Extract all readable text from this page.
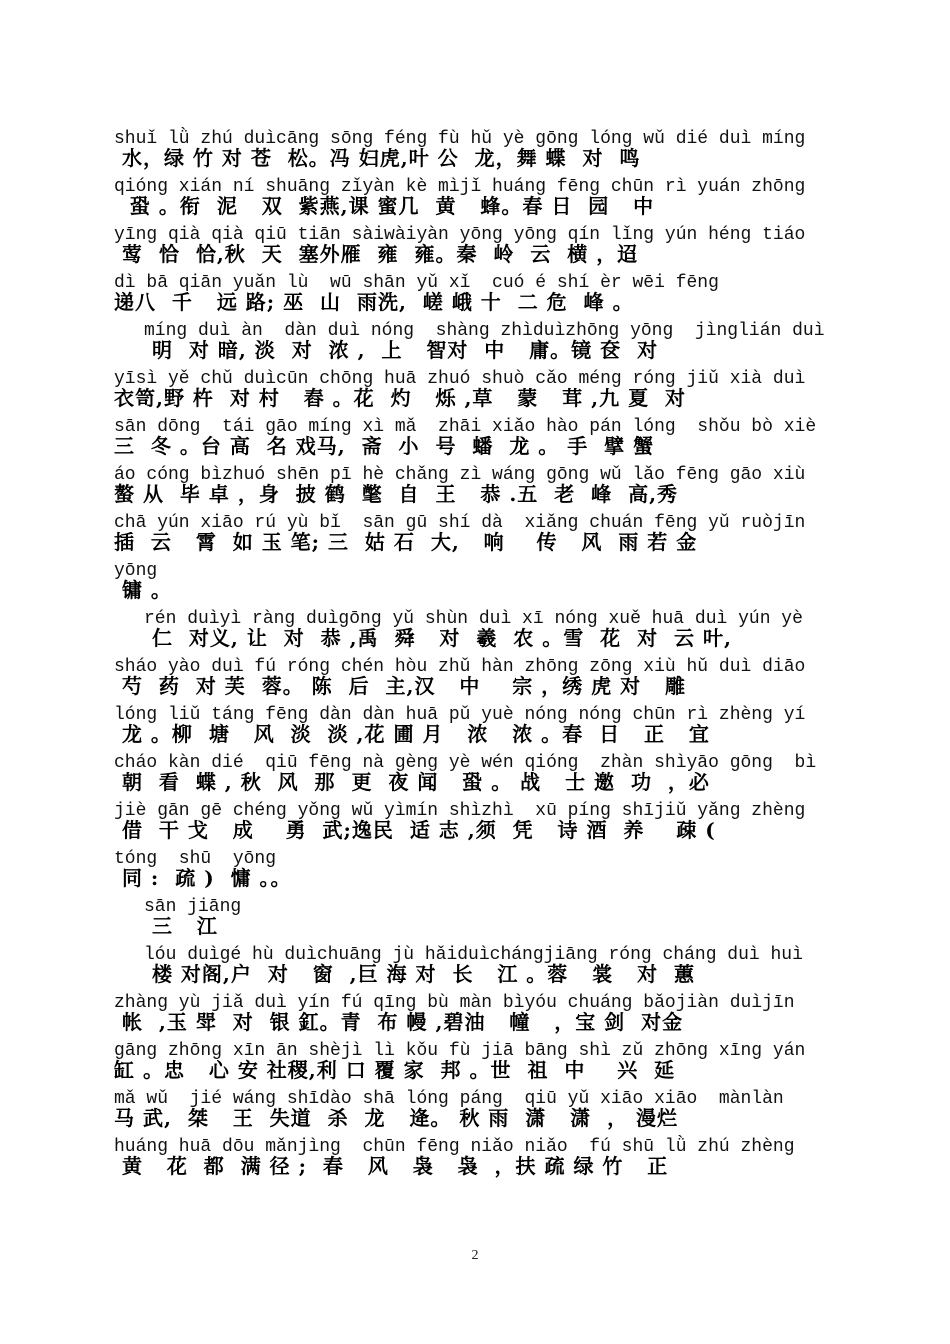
shuǐ lǜ zhú duìcāng sōng féng fù hǔ yè gōng lóng wǔ dié duì míng
水，绿 竹 对 苍  松。冯 妇虎,叶 公  龙，舞 蝶  对  鸣
qióng xián ní shuāng zǐyàn kè mìjǐ huáng fēng chūn rì yuán zhōng
蛩 。衔  泥   双  紫燕,课 蜜几  黄   蜂。春 日  园   中
yīng qià qià qiū tiān sàiwàiyàn yōng yōng qín lǐng yún héng tiáo
莺  恰  恰,秋  天  塞外雁  雍  雍。秦  岭  云  横 ，迢
dì bā qiān yuǎn lù  wū shān yǔ xǐ  cuó é shí èr wēi fēng
递八  千   远 路; 巫  山  雨洗,  嵯 峨 十  二 危  峰 。
míng duì àn  dàn duì nóng  shàng zhìduìzhōng yōng  jìnglián duì
明  对 暗, 淡  对  浓 ,  上   智对  中   庸。镜 奁  对
yīsì yě chǔ duìcūn chōng huā zhuó shuò cǎo méng róng jiǔ xià duì
衣笥,野 杵  对 村   舂 。花  灼   烁 ,草   蒙   茸 ,九 夏  对
sān dōng  tái gāo míng xì mǎ  zhāi xiǎo hào pán lóng  shǒu bò xiè
三  冬 。台 高  名 戏马,  斋  小  号  蟠  龙 。 手  擘 蟹
áo cóng bìzhuó shēn pī hè chǎng zì wáng gōng wǔ lǎo fēng gāo xiù
螯 从  毕 卓 ，身  披 鹤  氅  自  王   恭 .五  老  峰  高,秀
chā yún xiāo rú yù bǐ  sān gū shí dà  xiǎng chuán fēng yǔ ruòjīn
插  云   霄  如 玉 笔; 三  姑 石  大,   响    传   风  雨 若 金
yōng
镛 。
rén duìyì ràng duìgōng yǔ shùn duì xī nóng xuě huā duì yún yè
仁  对义, 让  对  恭 ,禹  舜   对  羲  农 。雪  花  对  云 叶,
sháo yào duì fú róng chén hòu zhǔ hàn zhōng zōng xiù hǔ duì diāo
芍  药  对 芙  蓉。 陈  后  主,汉   中    宗 ，绣 虎 对   雕
lóng liǔ táng fēng dàn dàn huā pǔ yuè nóng nóng chūn rì zhèng yí
龙 。柳  塘   风  淡  淡 ,花 圃 月   浓   浓 。春  日   正   宜
cháo kàn dié  qiū fēng nà gèng yè wén qióng  zhàn shìyāo gōng  bì
朝  看  蝶 , 秋  风  那  更  夜 闻   蛩 。 战   士 邀  功  ，必
jiè gān gē chéng yǒng wǔ yìmín shìzhì  xū píng shījiǔ yǎng zhèng
借  干 戈   成    勇  武;逸民  适 志 ,须  凭   诗 酒  养    疎 (
tóng  shū  yōng
同 :  疏 )  慵 。。
sān jiāng
三   江
lóu duìgé hù duìchuāng jù hǎiduìchángjiāng róng cháng duì huì
楼 对阁,户  对   窗  ,巨 海 对  长   江 。蓉   裳   对  蕙
zhàng yù jiǎ duì yín fú qīng bù màn bìyóu chuáng bǎojiàn duìjīn
帐  ,玉 斝  对  银 釭。青  布 幔 ,碧油   幢   ，宝 剑  对金
gāng zhōng xīn ān shèjì lì kǒu fù jiā bāng shì zǔ zhōng xīng yán
缸 。忠   心 安 社稷,利 口 覆 家  邦 。世  祖  中    兴  延
mǎ wǔ  jié wáng shīdào shā lóng páng  qiū yǔ xiāo xiāo  mànlàn
马 武,  桀   王  失道  杀  龙   逄。 秋 雨  潇   潇  ， 漫烂
huáng huā dōu mǎnjìng  chūn fēng niǎo niǎo  fú shū lǜ zhú zhèng
黄   花  都  满 径 ;  春   风   袅   袅  ，扶 疏 绿 竹   正
2
